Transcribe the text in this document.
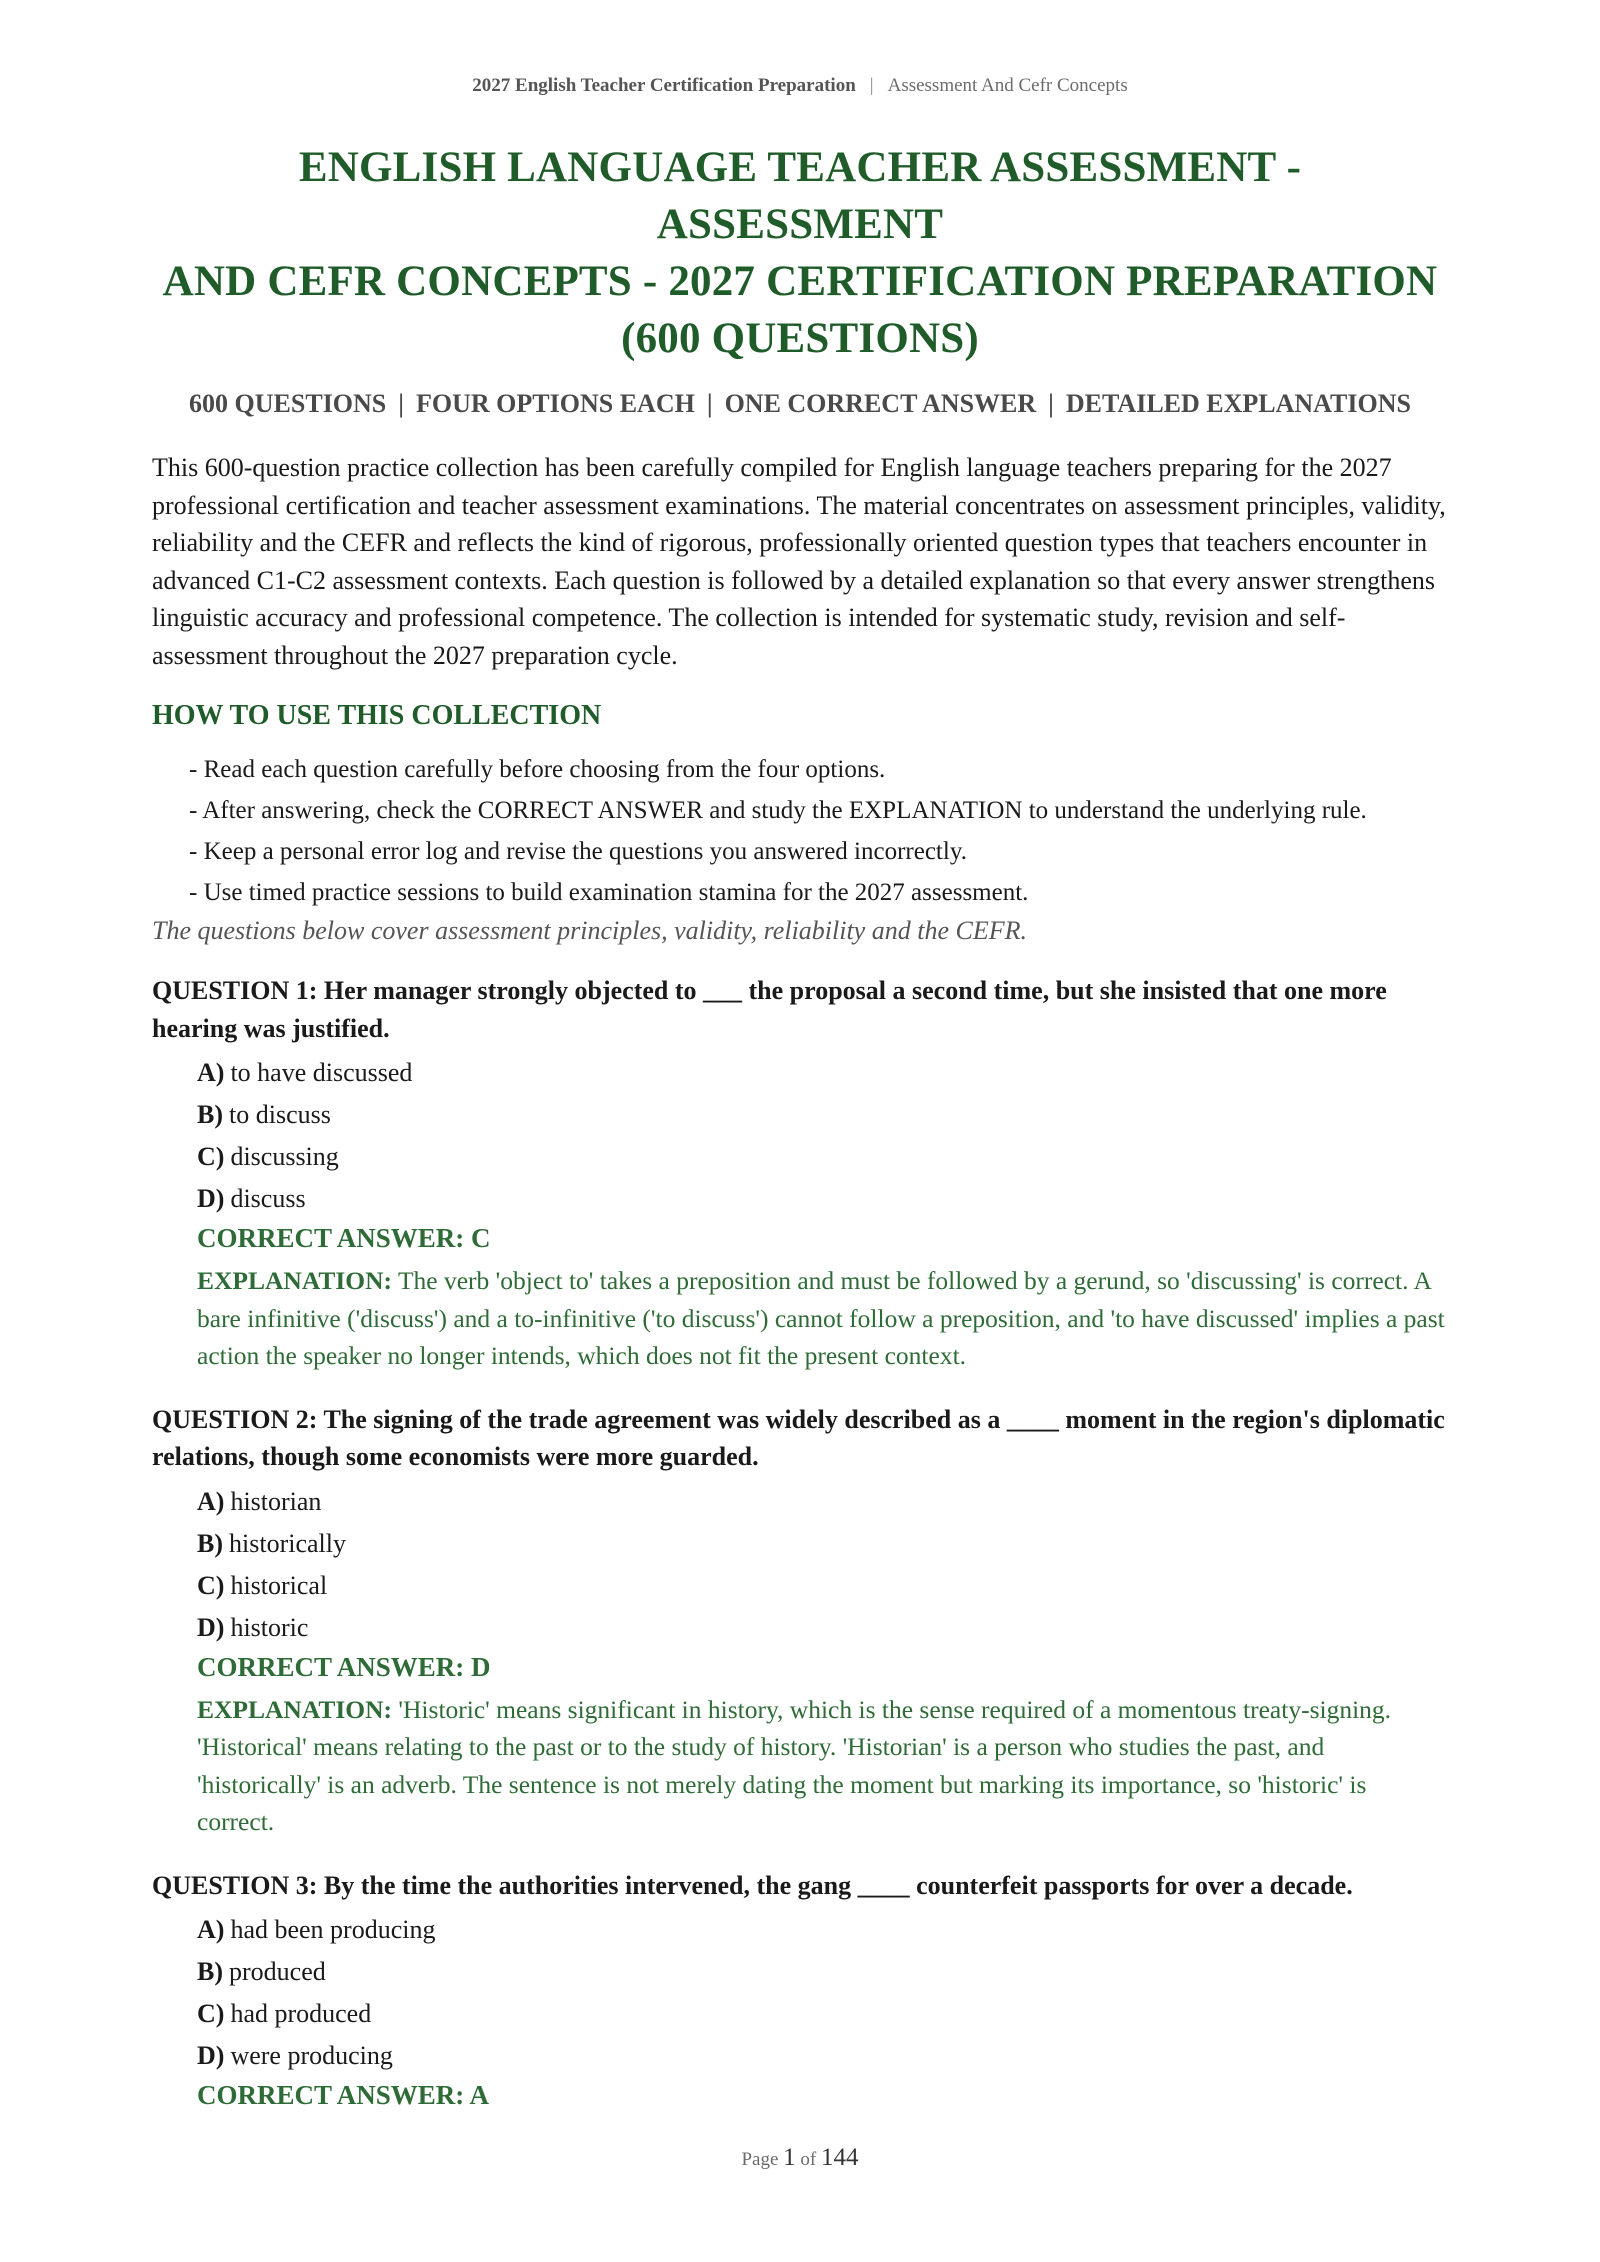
2027 English Teacher Certification Preparation | Assessment And Cefr Concepts
ENGLISH LANGUAGE TEACHER ASSESSMENT - ASSESSMENT
AND CEFR CONCEPTS - 2027 CERTIFICATION PREPARATION
(600 QUESTIONS)
600 QUESTIONS | FOUR OPTIONS EACH | ONE CORRECT ANSWER | DETAILED EXPLANATIONS

This 600-question practice collection has been carefully compiled for English language teachers preparing for the 2027 professional certification and teacher assessment examinations. The material concentrates on assessment principles, validity, reliability and the CEFR and reflects the kind of rigorous, professionally oriented question types that teachers encounter in advanced C1-C2 assessment contexts. Each question is followed by a detailed explanation so that every answer strengthens linguistic accuracy and professional competence. The collection is intended for systematic study, revision and self-assessment throughout the 2027 preparation cycle.

HOW TO USE THIS COLLECTION
- Read each question carefully before choosing from the four options.
- After answering, check the CORRECT ANSWER and study the EXPLANATION to understand the underlying rule.
- Keep a personal error log and revise the questions you answered incorrectly.
- Use timed practice sessions to build examination stamina for the 2027 assessment.
The questions below cover assessment principles, validity, reliability and the CEFR.
QUESTION 1: Her manager strongly objected to ___ the proposal a second time, but she insisted that one more hearing was justified.
A) to have discussed
B) to discuss
C) discussing
D) discuss
CORRECT ANSWER: C
EXPLANATION: The verb 'object to' takes a preposition and must be followed by a gerund, so 'discussing' is correct. A bare infinitive ('discuss') and a to-infinitive ('to discuss') cannot follow a preposition, and 'to have discussed' implies a past action the speaker no longer intends, which does not fit the present context.
QUESTION 2: The signing of the trade agreement was widely described as a ____ moment in the region's diplomatic relations, though some economists were more guarded.
A) historian
B) historically
C) historical
D) historic
CORRECT ANSWER: D
EXPLANATION: 'Historic' means significant in history, which is the sense required of a momentous treaty-signing. 'Historical' means relating to the past or to the study of history. 'Historian' is a person who studies the past, and 'historically' is an adverb. The sentence is not merely dating the moment but marking its importance, so 'historic' is correct.
QUESTION 3: By the time the authorities intervened, the gang ____ counterfeit passports for over a decade.
A) had been producing
B) produced
C) had produced
D) were producing
CORRECT ANSWER: A
Page 1 of 144
